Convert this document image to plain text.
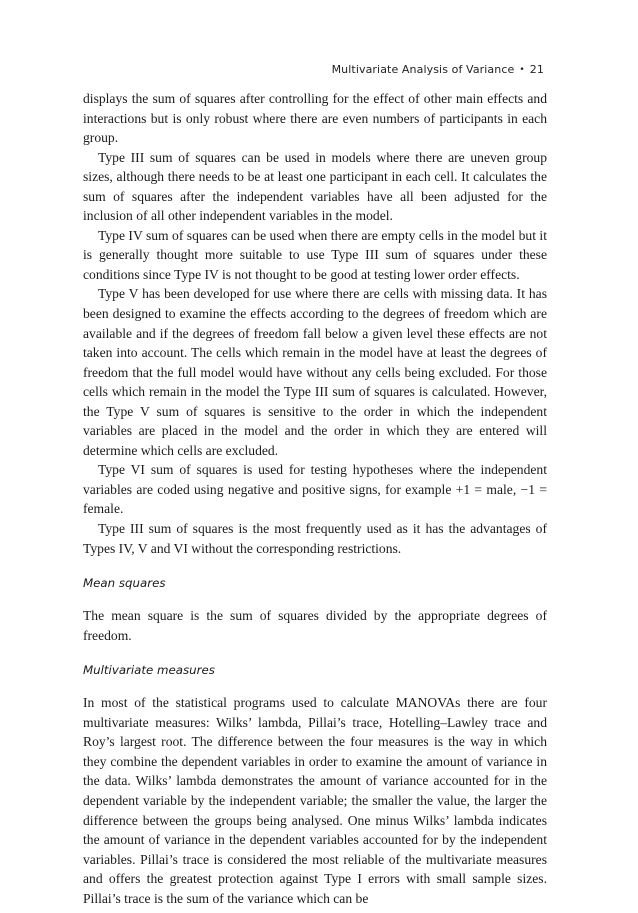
Multivariate Analysis of Variance • 21

displays the sum of squares after controlling for the effect of other main effects and interactions but is only robust where there are even numbers of participants in each group.

Type III sum of squares can be used in models where there are uneven group sizes, although there needs to be at least one participant in each cell. It calculates the sum of squares after the independent variables have all been adjusted for the inclusion of all other independent variables in the model.

Type IV sum of squares can be used when there are empty cells in the model but it is generally thought more suitable to use Type III sum of squares under these conditions since Type IV is not thought to be good at testing lower order effects.

Type V has been developed for use where there are cells with missing data. It has been designed to examine the effects according to the degrees of freedom which are available and if the degrees of freedom fall below a given level these effects are not taken into account. The cells which remain in the model have at least the degrees of freedom that the full model would have without any cells being excluded. For those cells which remain in the model the Type III sum of squares is calculated. However, the Type V sum of squares is sensitive to the order in which the independent variables are placed in the model and the order in which they are entered will determine which cells are excluded.

Type VI sum of squares is used for testing hypotheses where the independent variables are coded using negative and positive signs, for example +1 = male, −1 = female.

Type III sum of squares is the most frequently used as it has the advantages of Types IV, V and VI without the corresponding restrictions.

Mean squares

The mean square is the sum of squares divided by the appropriate degrees of freedom.

Multivariate measures

In most of the statistical programs used to calculate MANOVAs there are four multivariate measures: Wilks’ lambda, Pillai’s trace, Hotelling–Lawley trace and Roy’s largest root. The difference between the four measures is the way in which they combine the dependent variables in order to examine the amount of variance in the data. Wilks’ lambda demonstrates the amount of variance accounted for in the dependent variable by the independent variable; the smaller the value, the larger the difference between the groups being analysed. One minus Wilks’ lambda indicates the amount of variance in the dependent variables accounted for by the independent variables. Pillai’s trace is considered the most reliable of the multivariate measures and offers the greatest protection against Type I errors with small sample sizes. Pillai’s trace is the sum of the variance which can be
